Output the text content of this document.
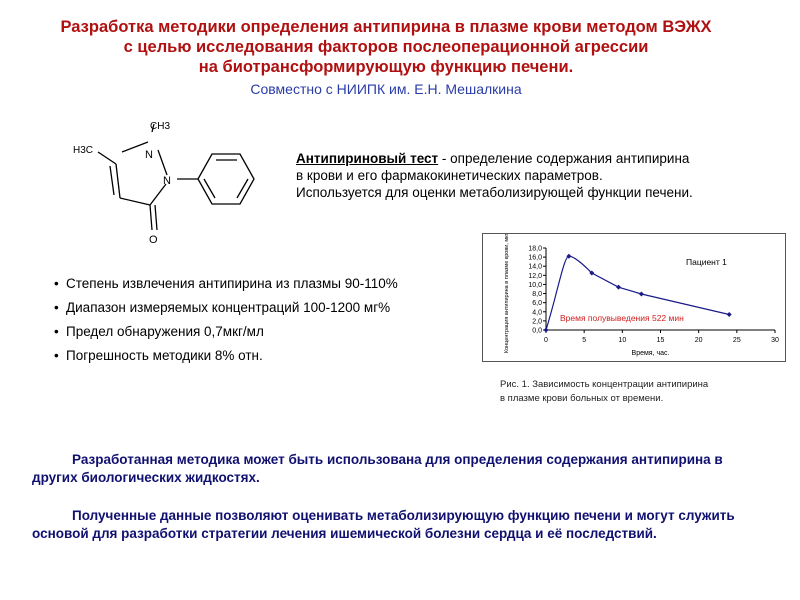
Разработка методики определения антипирина в плазме крови методом ВЭЖХ
с целью исследования факторов послеоперационной агрессии
на биотрансформирующую функцию печени.
Совместно с НИИПК им. Е.Н. Мешалкина
CH3
H3C	N
N
O
Антипириновый тест - определение содержания антипирина
в крови и его фармакокинетических параметров.
Используется для оценки метаболизирующей функции печени.
• Степень извлечения антипирина из плазмы 90-110%
• Диапазон измеряемых концентраций 100-1200 мг%
• Предел обнаружения 0,7мкг/мл
• Погрешность методики 8% отн.
0,0
2,0
4,0
6,0
8,0
10,0
12,0
14,0
16,0
18,0
0	5	10	15	20	25	30
Время, час.
Концентрация антипирина в плазме крови, мкг/мл	Пациент 1
Время полувыведения 522 мин
Рис. 1. Зависимость концентрации антипирина
в плазме крови больных от времени.
Разработанная методика может быть использована для определения содержания антипирина в других биологических жидкостях.
Полученные данные позволяют оценивать метаболизирующую функцию печени и могут служить основой для разработки стратегии лечения ишемической болезни сердца и её последствий.
